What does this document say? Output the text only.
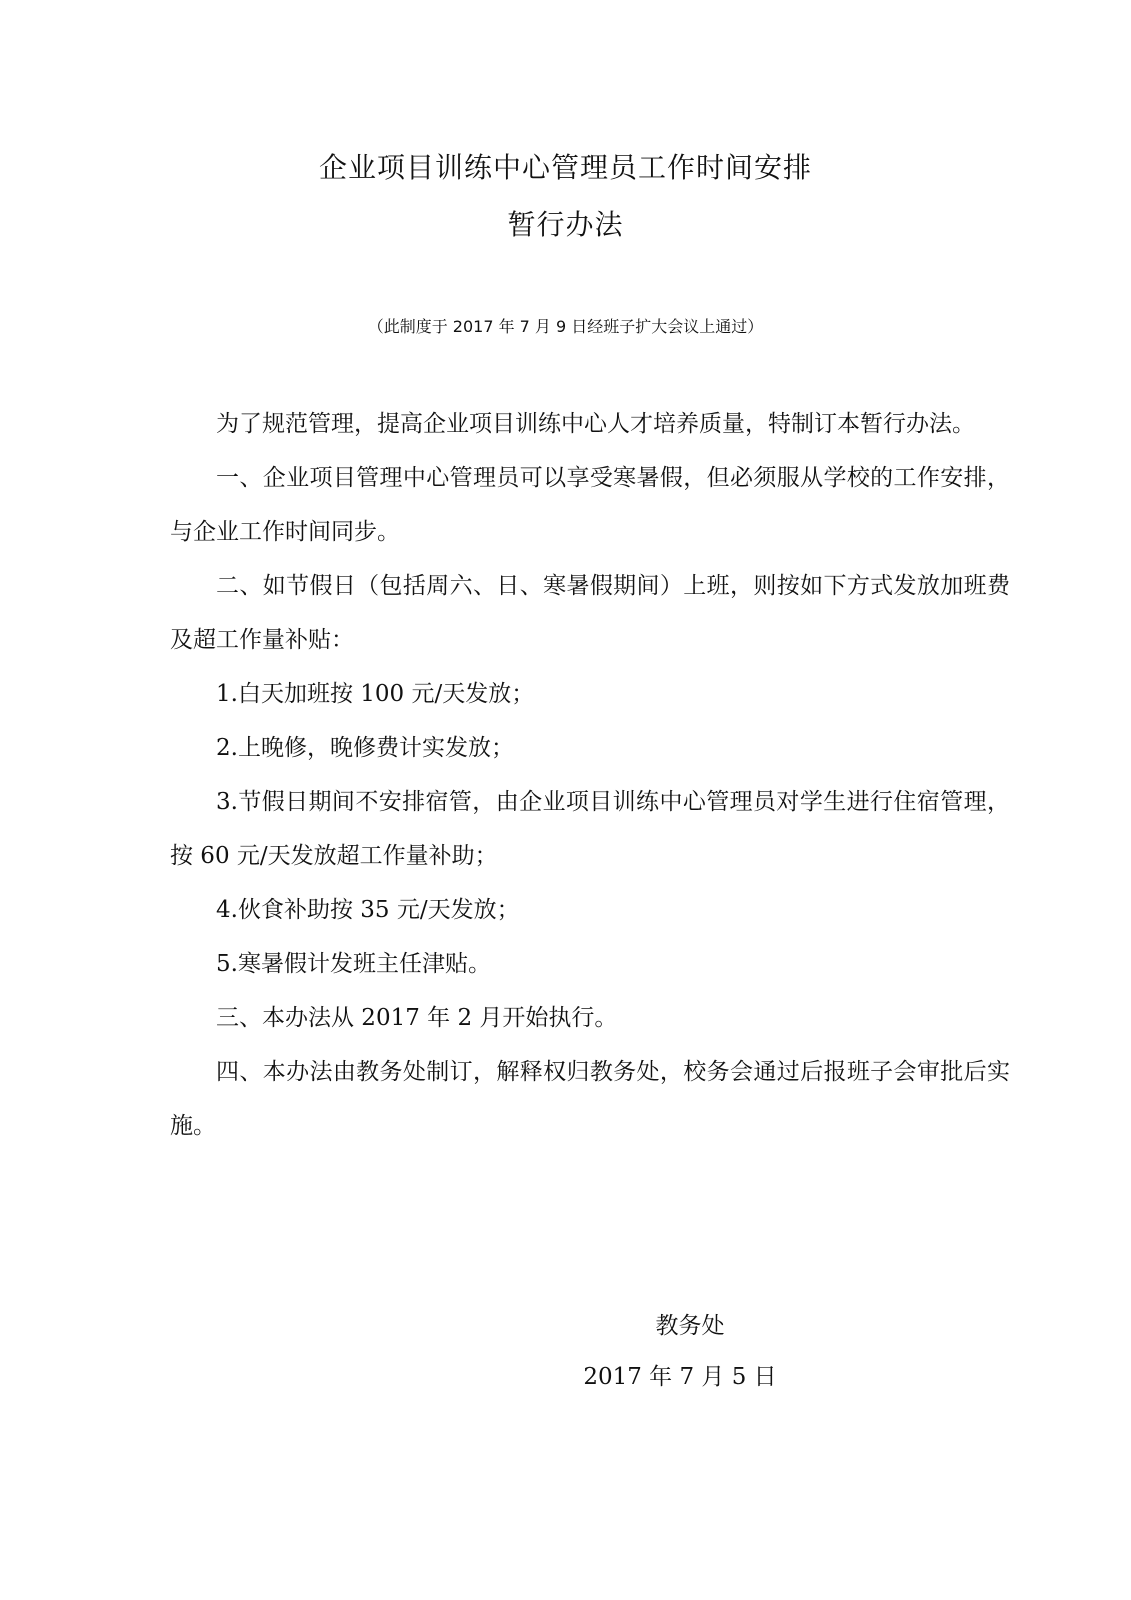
企业项目训练中心管理员工作时间安排
暂行办法
（此制度于 2017 年 7 月 9 日经班子扩大会议上通过）

为了规范管理，提高企业项目训练中心人才培养质量，特制订本暂行办法。

一、企业项目管理中心管理员可以享受寒暑假，但必须服从学校的工作安排，与企业工作时间同步。

二、如节假日（包括周六、日、寒暑假期间）上班，则按如下方式发放加班费及超工作量补贴：

1.白天加班按 100 元/天发放；

2.上晚修，晚修费计实发放；

3.节假日期间不安排宿管，由企业项目训练中心管理员对学生进行住宿管理，按 60 元/天发放超工作量补助；

4.伙食补助按 35 元/天发放；

5.寒暑假计发班主任津贴。

三、本办法从 2017 年 2 月开始执行。

四、本办法由教务处制订，解释权归教务处，校务会通过后报班子会审批后实施。

教务处
2017 年 7 月 5 日
